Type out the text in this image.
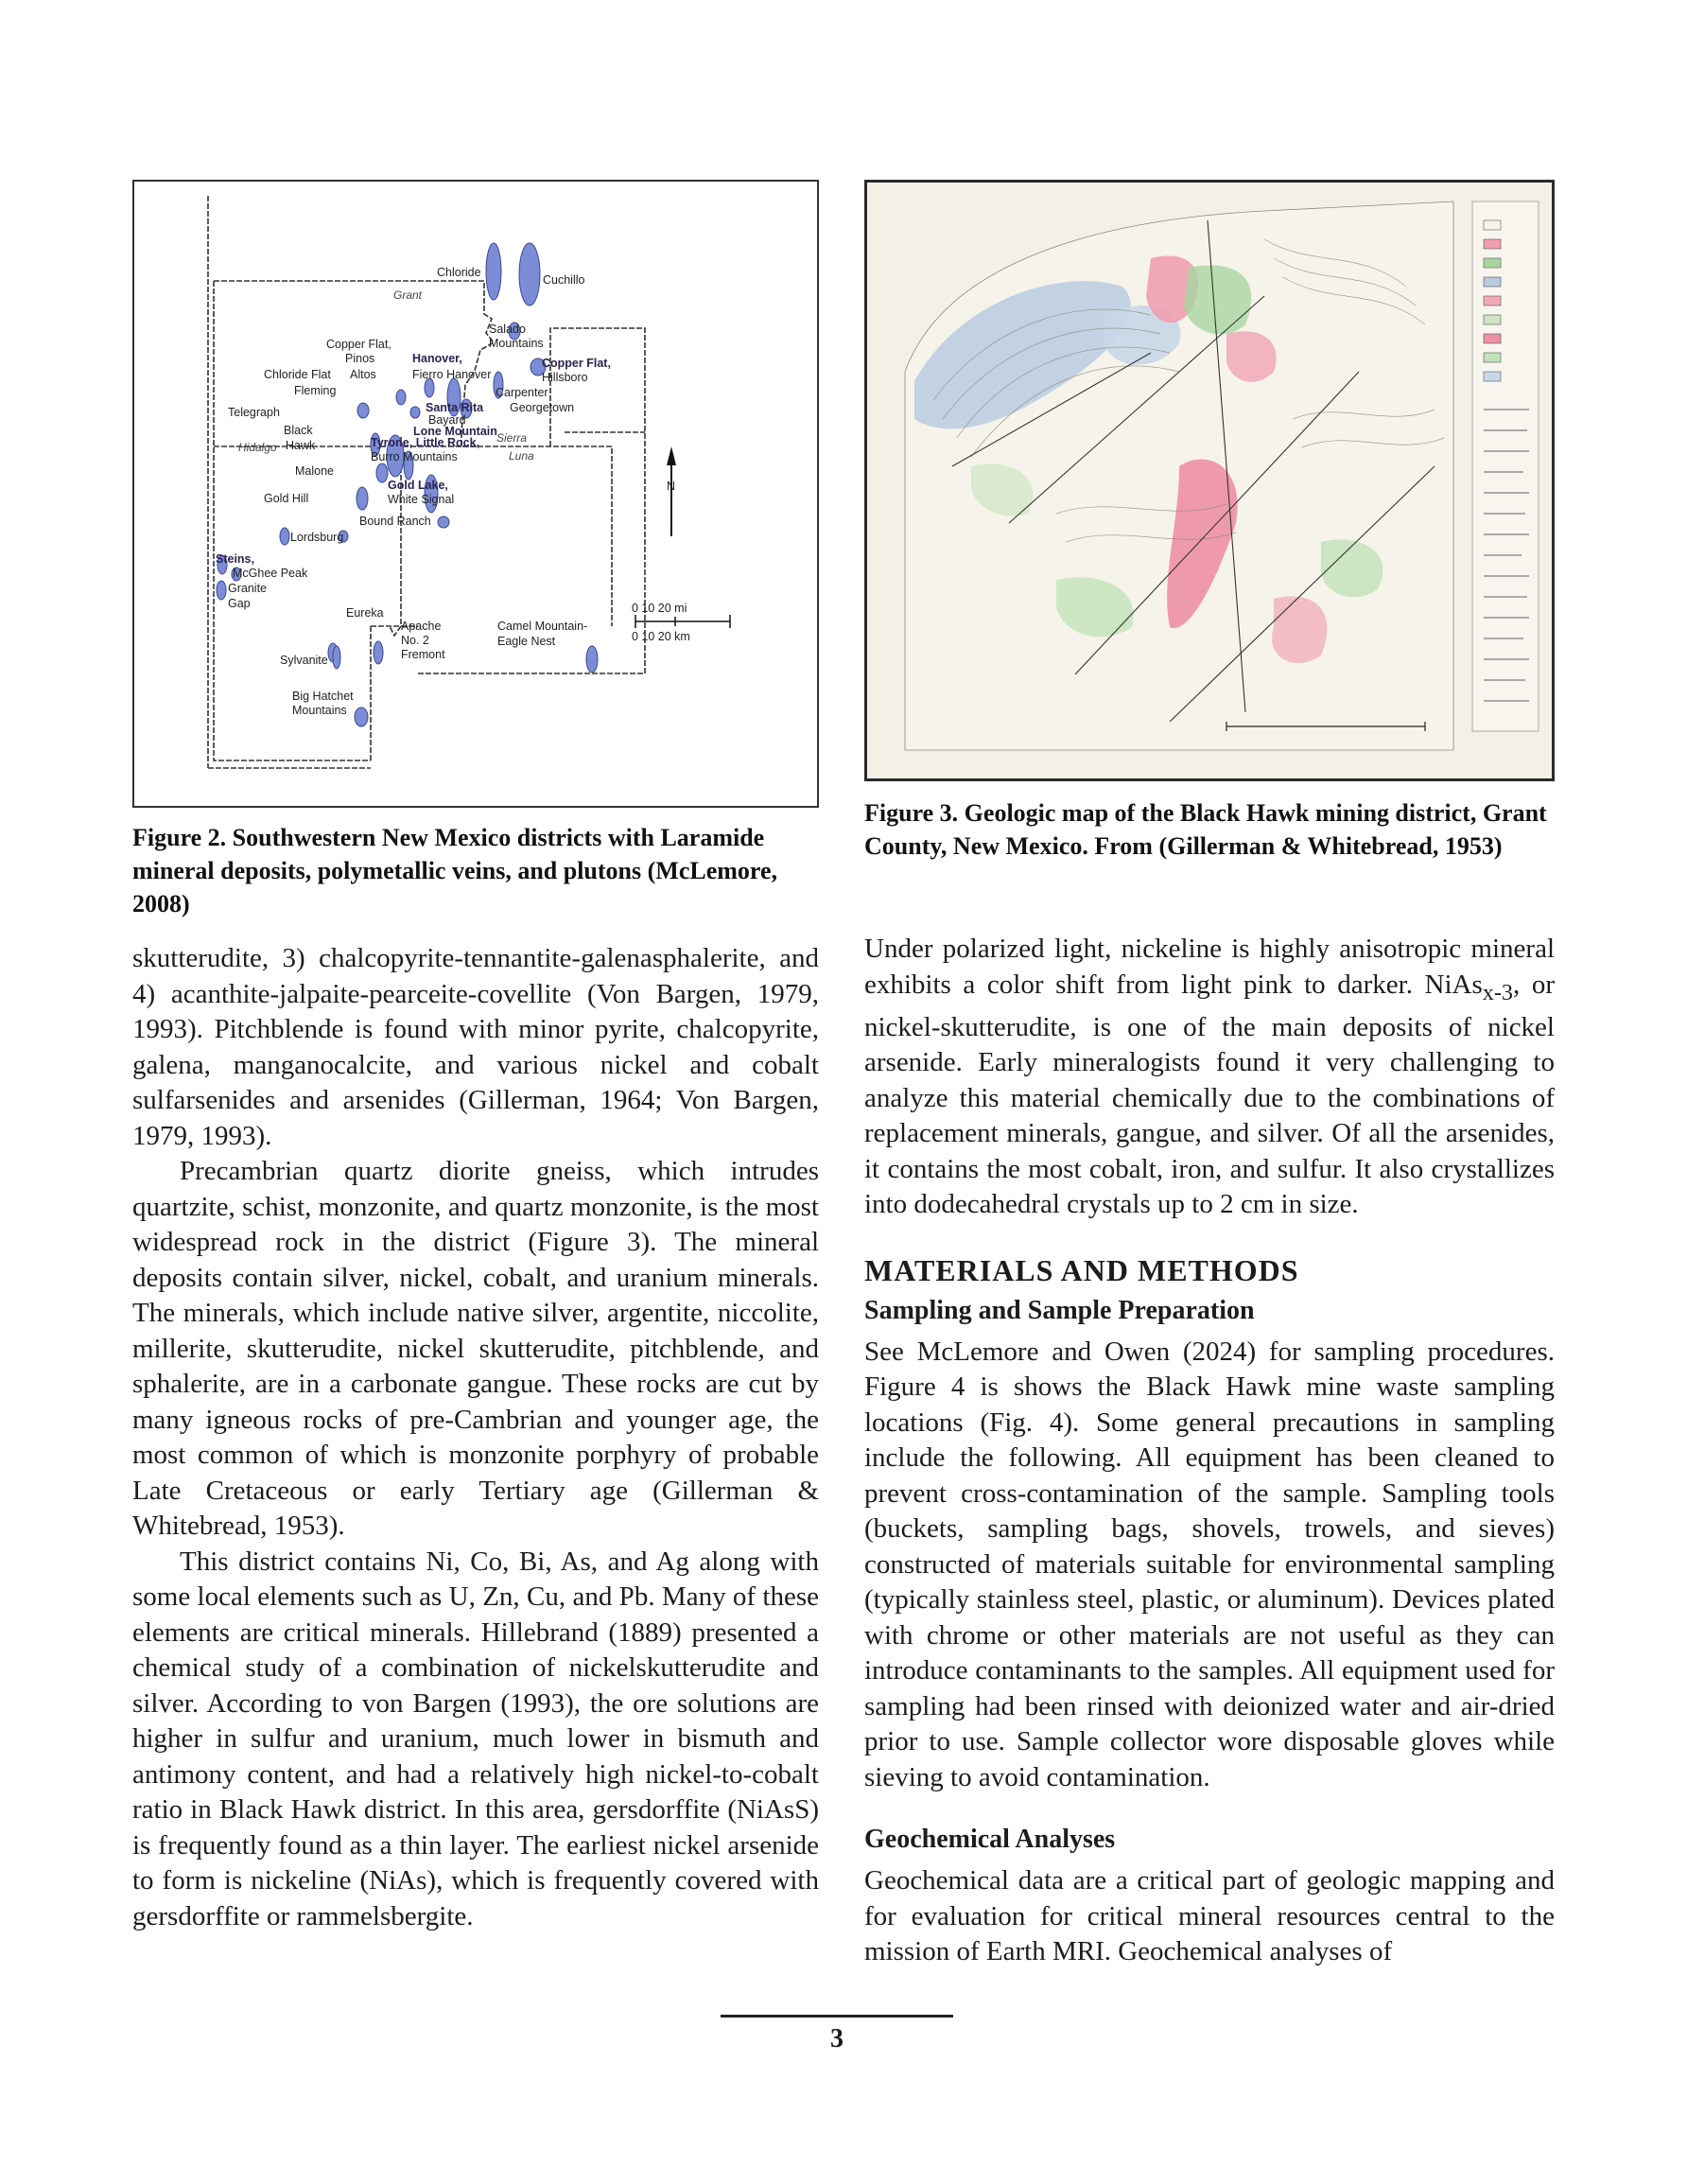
Chloride
Cuchillo
Grant
Salado
Mountains
Copper Flat,
Pinos	Hanover,	Copper Flat,
Chloride Flat Altos	Fierro Hanover	Hillsboro
Fleming	Carpenter
Telegraph	Santa Rita Georgetown
Bayard
Black	Lone Mountain Sierra
Hidalgo Hawk	Tyrone, Little Rock,
Burro Mountains	Luna
Malone
Gold Lake,
Gold Hill	White Signal
Bound Ranch
Lordsburg
Steins,
McGhee Peak
Granite
Gap
Eureka
Apache
No. 2
Fremont
Camel Mountain-
Eagle Nest
Sylvanite
Big Hatchet
Mountains
N
0 10 20 mi
0 10 20 km
Figure 2. Southwestern New Mexico districts with Laramide mineral deposits, polymetallic veins, and plutons (McLemore, 2008)
Figure 3. Geologic map of the Black Hawk mining district, Grant County, New Mexico. From (Gillerman & Whitebread, 1953)

skutterudite, 3) chalcopyrite-tennantite-galenasphalerite, and 4) acanthite-jalpaite-pearceite-covellite (Von Bargen, 1979, 1993). Pitchblende is found with minor pyrite, chalcopyrite, galena, manganocalcite, and various nickel and cobalt sulfarsenides and arsenides (Gillerman, 1964; Von Bargen, 1979, 1993).

Precambrian quartz diorite gneiss, which intrudes quartzite, schist, monzonite, and quartz monzonite, is the most widespread rock in the district (Figure 3). The mineral deposits contain silver, nickel, cobalt, and uranium minerals. The minerals, which include native silver, argentite, niccolite, millerite, skutterudite, nickel skutterudite, pitchblende, and sphalerite, are in a carbonate gangue. These rocks are cut by many igneous rocks of pre-Cambrian and younger age, the most common of which is monzonite porphyry of probable Late Cretaceous or early Tertiary age (Gillerman & Whitebread, 1953).

This district contains Ni, Co, Bi, As, and Ag along with some local elements such as U, Zn, Cu, and Pb. Many of these elements are critical minerals. Hillebrand (1889) presented a chemical study of a combination of nickelskutterudite and silver. According to von Bargen (1993), the ore solutions are higher in sulfur and uranium, much lower in bismuth and antimony content, and had a relatively high nickel-to-cobalt ratio in Black Hawk district. In this area, gersdorffite (NiAsS) is frequently found as a thin layer. The earliest nickel arsenide to form is nickeline (NiAs), which is frequently covered with gersdorffite or rammelsbergite.

Under polarized light, nickeline is highly anisotropic mineral exhibits a color shift from light pink to darker. NiAs$_{x-3}$, or nickel-skutterudite, is one of the main deposits of nickel arsenide. Early mineralogists found it very challenging to analyze this material chemically due to the combinations of replacement minerals, gangue, and silver. Of all the arsenides, it contains the most cobalt, iron, and sulfur. It also crystallizes into dodecahedral crystals up to 2 cm in size.

MATERIALS AND METHODS
Sampling and Sample Preparation

See McLemore and Owen (2024) for sampling procedures. Figure 4 is shows the Black Hawk mine waste sampling locations (Fig. 4). Some general precautions in sampling include the following. All equipment has been cleaned to prevent cross-contamination of the sample. Sampling tools (buckets, sampling bags, shovels, trowels, and sieves) constructed of materials suitable for environmental sampling (typically stainless steel, plastic, or aluminum). Devices plated with chrome or other materials are not useful as they can introduce contaminants to the samples. All equipment used for sampling had been rinsed with deionized water and air-dried prior to use. Sample collector wore disposable gloves while sieving to avoid contamination.

Geochemical Analyses

Geochemical data are a critical part of geologic mapping and for evaluation for critical mineral resources central to the mission of Earth MRI. Geochemical analyses of

3
